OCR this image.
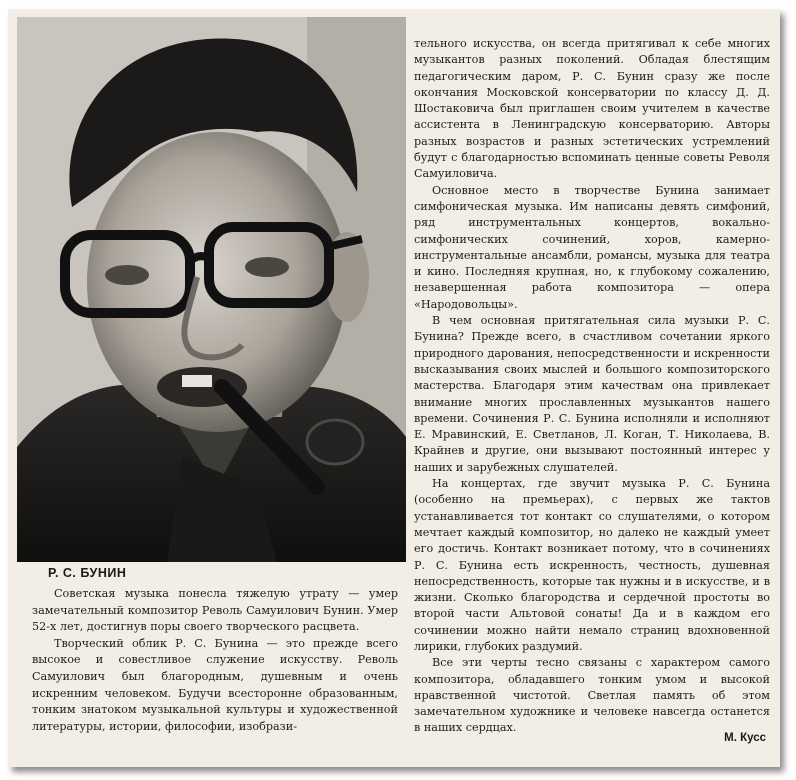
Р. С. БУНИН
Советская музыка понесла тяжелую утрату — умер замечательный композитор Револь Самуилович Бунин. Умер 52-х лет, достигнув поры своего творческого расцвета.
Творческий облик Р. С. Бунина — это прежде всего высокое и совестливое служение искусству. Револь Самуилович был благородным, душевным и очень искренним человеком. Будучи всесторонне образованным, тонким знатоком музыкальной культуры и художественной литературы, истории, философии, изобрази-

тельного искусства, он всегда притягивал к себе многих музыкантов разных поколений. Обладая блестящим педагогическим даром, Р. С. Бунин сразу же после окончания Московской консерватории по классу Д. Д. Шостаковича был приглашен своим учителем в качестве ассистента в Ленинградскую консерваторию. Авторы разных возрастов и разных эстетических устремлений будут с благодарностью вспоминать ценные советы Револя Самуиловича.

Основное место в творчестве Бунина занимает симфоническая музыка. Им написаны девять симфоний, ряд инструментальных концертов, вокально-симфонических сочинений, хоров, камерно-инструментальные ансамбли, романсы, музыка для театра и кино. Последняя крупная, но, к глубокому сожалению, незавершенная работа композитора — опера «Народовольцы».

В чем основная притягательная сила музыки Р. С. Бунина? Прежде всего, в счастливом сочетании яркого природного дарования, непосредственности и искренности высказывания своих мыслей и большого композиторского мастерства. Благодаря этим качествам она привлекает внимание многих прославленных музыкантов нашего времени. Сочинения Р. С. Бунина исполняли и исполняют Е. Мравинский, Е. Светланов, Л. Коган, Т. Николаева, В. Крайнев и другие, они вызывают постоянный интерес у наших и зарубежных слушателей.

На концертах, где звучит музыка Р. С. Бунина (особенно на премьерах), с первых же тактов устанавливается тот контакт со слушателями, о котором мечтает каждый композитор, но далеко не каждый умеет его достичь. Контакт возникает потому, что в сочинениях Р. С. Бунина есть искренность, честность, душевная непосредственность, которые так нужны и в искусстве, и в жизни. Сколько благородства и сердечной простоты во второй части Альтовой сонаты! Да и в каждом его сочинении можно найти немало страниц вдохновенной лирики, глубоких раздумий.

Все эти черты тесно связаны с характером самого композитора, обладавшего тонким умом и высокой нравственной чистотой. Светлая память об этом замечательном художнике и человеке навсегда останется в наших сердцах.

М. Кусс
